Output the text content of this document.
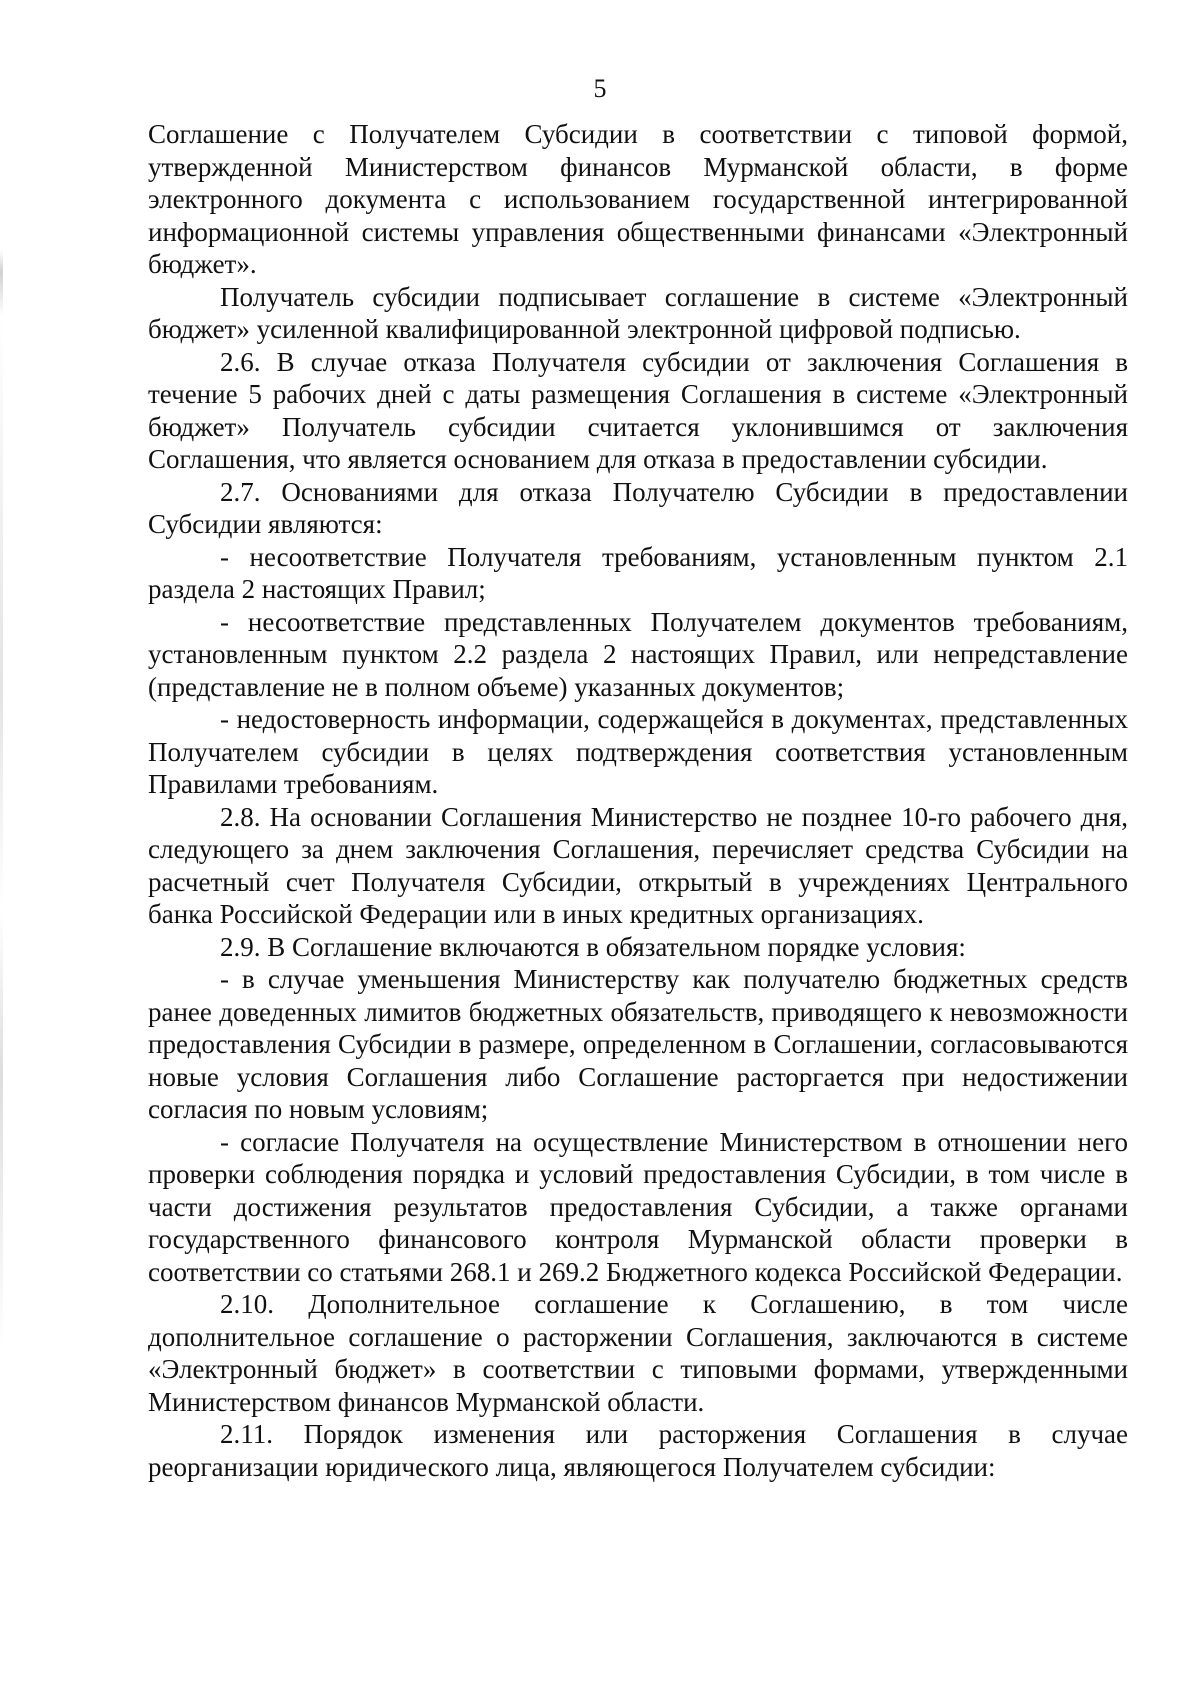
5

Соглашение с Получателем Субсидии в соответствии с типовой формой, утвержденной Министерством финансов Мурманской области, в форме электронного документа с использованием государственной интегрированной информационной системы управления общественными финансами «Электронный бюджет».

Получатель субсидии подписывает соглашение в системе «Электронный бюджет» усиленной квалифицированной электронной цифровой подписью.

2.6. В случае отказа Получателя субсидии от заключения Соглашения в течение 5 рабочих дней с даты размещения Соглашения в системе «Электронный бюджет» Получатель субсидии считается уклонившимся от заключения Соглашения, что является основанием для отказа в предоставлении субсидии.

2.7. Основаниями для отказа Получателю Субсидии в предоставлении Субсидии являются:

- несоответствие Получателя требованиям, установленным пунктом 2.1 раздела 2 настоящих Правил;

- несоответствие представленных Получателем документов требованиям, установленным пунктом 2.2 раздела 2 настоящих Правил, или непредставление (представление не в полном объеме) указанных документов;

- недостоверность информации, содержащейся в документах, представленных Получателем субсидии в целях подтверждения соответствия установленным Правилами требованиям.

2.8. На основании Соглашения Министерство не позднее 10-го рабочего дня, следующего за днем заключения Соглашения, перечисляет средства Субсидии на расчетный счет Получателя Субсидии, открытый в учреждениях Центрального банка Российской Федерации или в иных кредитных организациях.

2.9. В Соглашение включаются в обязательном порядке условия:

- в случае уменьшения Министерству как получателю бюджетных средств ранее доведенных лимитов бюджетных обязательств, приводящего к невозможности предоставления Субсидии в размере, определенном в Соглашении, согласовываются новые условия Соглашения либо Соглашение расторгается при недостижении согласия по новым условиям;

- согласие Получателя на осуществление Министерством в отношении него проверки соблюдения порядка и условий предоставления Субсидии, в том числе в части достижения результатов предоставления Субсидии, а также органами государственного финансового контроля Мурманской области проверки в соответствии со статьями 268.1 и 269.2 Бюджетного кодекса Российской Федерации.

2.10. Дополнительное соглашение к Соглашению, в том числе дополнительное соглашение о расторжении Соглашения, заключаются в системе «Электронный бюджет» в соответствии с типовыми формами, утвержденными Министерством финансов Мурманской области.

2.11. Порядок изменения или расторжения Соглашения в случае реорганизации юридического лица, являющегося Получателем субсидии:
